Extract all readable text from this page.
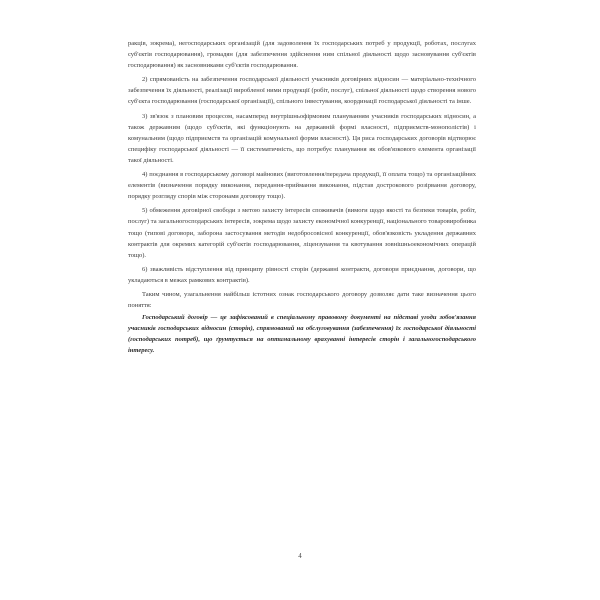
ракців, зокрема), негосподарських організацій (для задоволення їх господарських потреб у продукції, роботах, послугах суб'єктів господарювання), громадян (для забезпечення здійснення ним спільної діяльності щодо засновування суб'єктів господарювання) як засновниками суб'єктів господарювання.

2) спрямованість на забезпечення господарської діяльності учасників договірних відносин — матеріально-технічного забезпечення їх діяльності, реалізації виробленої ними продукції (робіт, послуг), спільної діяльності щодо створення нового суб'єкта господарювання (господарської організації), спільного інвестування, координації господарської діяльності та інше.

3) зв'язок з плановим процесом, насамперед внутрішньофірмовим плануванням учасників господарських відносин, а також державним (щодо суб'єктів, які функціонують на державній формі власності, підприємств-монополістів) і комунальним (щодо підприємств та організацій комунальної форми власності). Ця риса господарських договорів відтворює специфіку господарської діяльності — її систематичність, що потребує планування як обов'язкового елемента організації такої діяльності.

4) поєднання в господарському договорі майнових (виготовлення/передача продукції, її оплата тощо) та організаційних елементів (визначення порядку виконання, передання-приймання виконання, підстав дострокового розірвання договору, порядку розгляду спорів між сторонами договору тощо).

5) обмеження договірної свободи з метою захисту інтересів споживачів (вимоги щодо якості та безпеки товарів, робіт, послуг) та загальногосподарських інтересів, зокрема щодо захисту економічної конкуренції, національного товаровиробника тощо (типові договори, заборона застосування методів недобросовісної конкуренції, обов'язковість укладення державних контрактів для окремих категорій суб'єктів господарювання, ліцензування та квотування зовнішньоекономічних операцій тощо).

6) зважливість відступлення від принципу рівності сторін (державні контракти, договори приєднання, договори, що укладаються в межах рамкових контрактів).

Таким чином, узагальнення найбільш істотних ознак господарського договору дозволяє дати таке визначення цього поняття:

Господарський договір — це зафіксований в спеціальному правовому документі на підставі угоди зобов'язання учасників господарських відносин (сторін), спрямований на обслуговування (забезпечення) їх господарської діяльності (господарських потреб), що ґрунтується на оптимальному врахуванні інтересів сторін і загальногосподарського інтересу.

4
